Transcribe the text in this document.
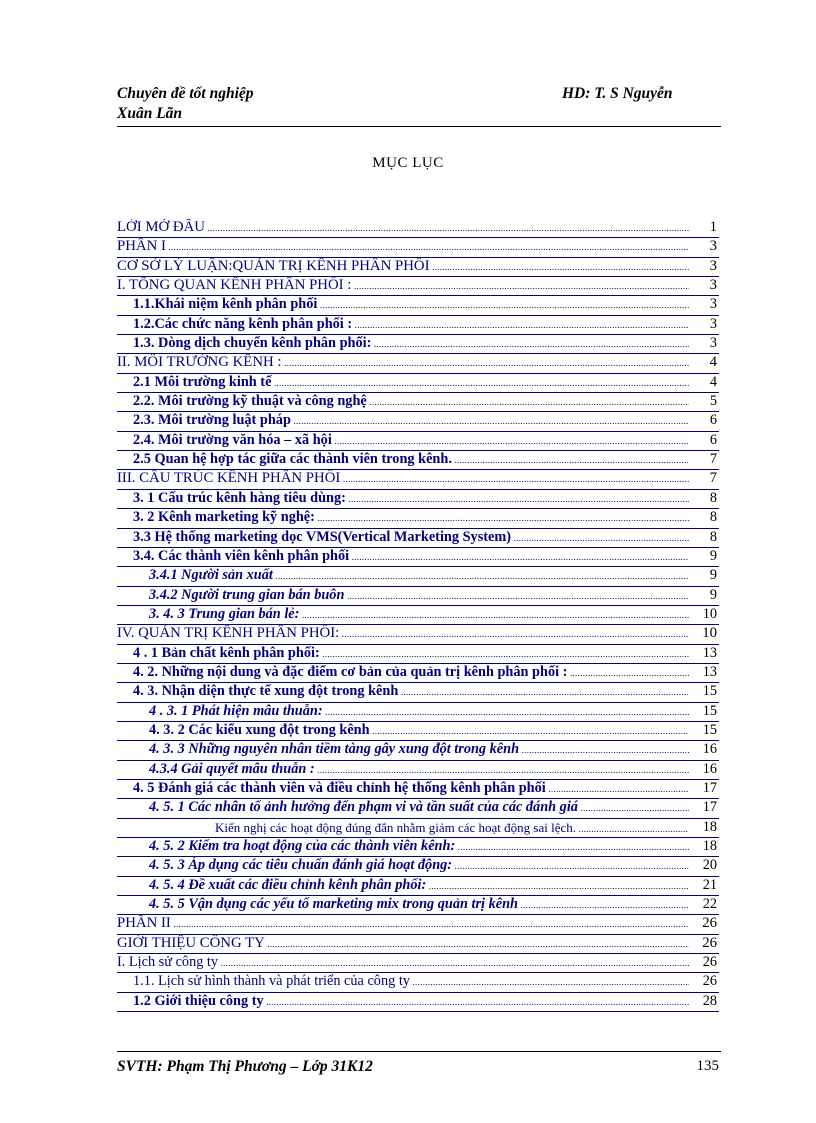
Chuyên đề tốt nghiệp
Xuân Lãn
HD: T. S Nguyễn
MỤC LỤC
LỜI MỞ ĐẦU .....	1
PHẦN I .....	3
CƠ SỞ LÝ LUẬN:QUẢN TRỊ KÊNH PHÂN PHỐI .....	3
I. TỔNG QUAN KÊNH PHÂN PHỐI : .....	3
1.1.Khái niệm kênh phân phối .....	3
1.2.Các chức năng kênh phân phối : .....	3
1.3. Dòng dịch chuyển kênh phân phối: .....	3
II. MÔI TRƯỜNG KÊNH : .....	4
2.1 Môi trường kinh tế .....	4
2.2. Môi trường kỹ thuật và công nghệ .....	5
2.3. Môi trường luật pháp .....	6
2.4. Môi trường văn hóa – xã hội .....	6
2.5 Quan hệ hợp tác giữa các thành viên trong kênh. .....	7
III. CẤU TRÚC KÊNH PHÂN PHỐI .....	7
3. 1 Cấu trúc kênh hàng tiêu dùng: .....	8
3. 2 Kênh marketing kỹ nghệ: .....	8
3.3 Hệ thống marketing dọc VMS(Vertical Marketing System) .....	8
3.4. Các thành viên kênh phân phối .....	9
3.4.1 Người sản xuất .....	9
3.4.2 Người trung gian bán buôn .....	9
3. 4. 3 Trung gian bán lẻ: .....	10
IV. QUẢN TRỊ KÊNH PHÂN PHỐI: .....	10
4 . 1 Bản chất kênh phân phối: .....	13
4. 2. Những nội dung và đặc điểm cơ bản của quản trị kênh phân phối : .....	13
4. 3. Nhận diện thực tế xung đột trong kênh .....	15
4 . 3. 1 Phát hiện mâu thuẫn: .....	15
4. 3. 2 Các kiểu xung đột trong kênh .....	15
4. 3. 3 Những nguyên nhân tiềm tàng gây xung đột trong kênh .....	16
4.3.4 Gải quyết mâu thuẫn : .....	16
4. 5 Đánh giá các thành viên và điều chỉnh hệ thống kênh phân phối .....	17
4. 5. 1 Các nhân tố ảnh hưởng đến phạm vi và tần suất của các đánh giá .....	17
Kiến nghị các hoạt động đúng đắn nhằm giảm các hoạt động sai lệch. .....	18
4. 5. 2 Kiểm tra hoạt động của các thành viên kênh: .....	18
4. 5. 3 Áp dụng các tiêu chuẩn đánh giá hoạt động: .....	20
4. 5. 4 Đề xuất các điều chỉnh kênh phân phối: .....	21
4. 5. 5 Vận dụng các yếu tố marketing mix trong quản trị kênh .....	22
PHẦN II .....	26
GIỚI THIỆU CÔNG TY .....	26
I. Lịch sử công ty .....	26
1.1. Lịch sử hình thành và phát triển của công ty .....	26
1.2 Giới thiệu công ty .....	28
SVTH: Phạm Thị Phương – Lớp 31K12	135
